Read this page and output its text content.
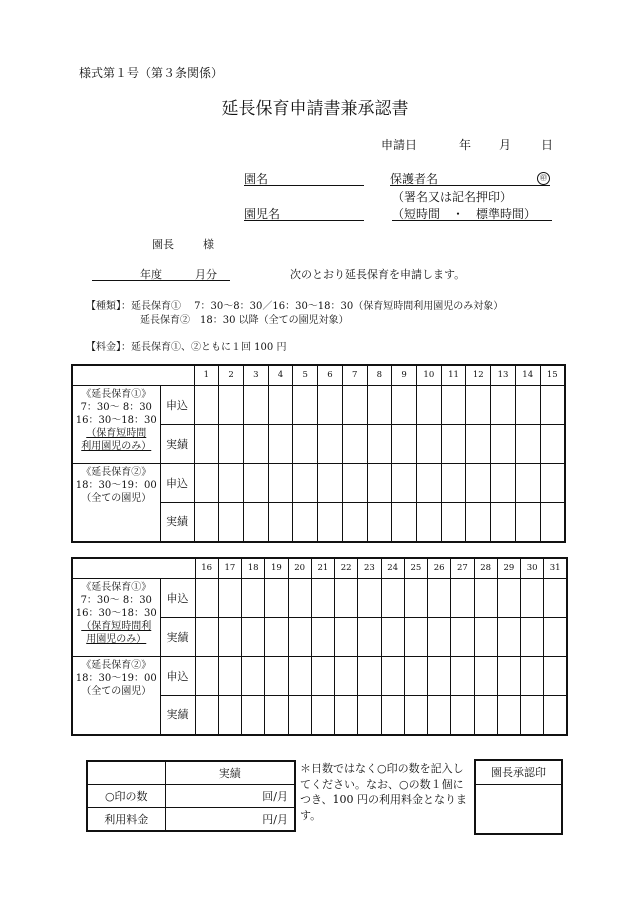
様式第１号（第３条関係）
延長保育申請書兼承認書
申請日	年 月 日
園名
園児名
保護者名	㊞
（署名又は記名押印）
（短時間　・　標準時間）
園長	様
年度	月分	次のとおり延長保育を申請します。
【種類】：延長保育①　 7：30～8：30／16：30～18：30（保育短時間利用園児のみ対象）
延長保育②　18：30 以降（全ての園児対象）
【料金】：延長保育①、②ともに１回 100 円
		1	2	3	4	5	6	7	8	9	10	11	12	13	14	15

《延長保育①》
7：30～ 8：30
16：30～18：30
（保育短時間
利用園児のみ）	申込															
	実績															

《延長保育②》
18：30～19：00
（全ての園児）	申込															
	実績															
		16	17	18	19	20	21	22	23	24	25	26	27	28	29	30	31

《延長保育①》
7：30～ 8：30
16：30～18：30
（保育短時間利
用園児のみ）	申込																
	実績																

《延長保育②》
18：30～19：00
（全ての園児）	申込																
	実績																
	実績
○印の数	回/月
利用料金	円/月
＊日数ではなく○印の数を記入してください。なお、○の数１個につき、100 円の利用料金となります。
園長承認印
